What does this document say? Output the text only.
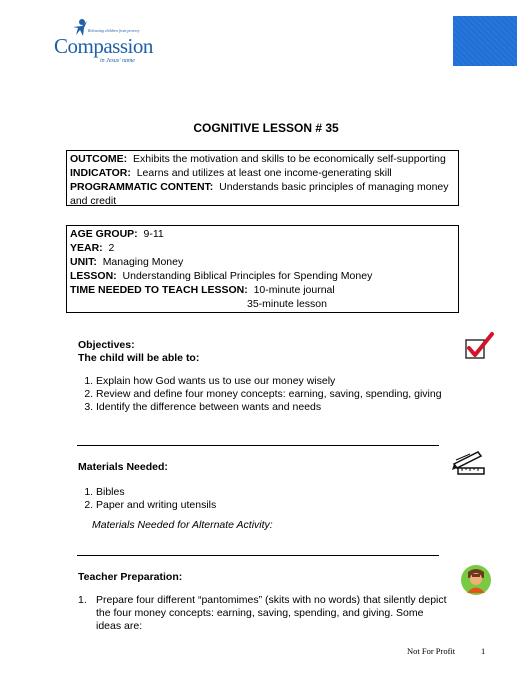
Releasing children from poverty
Compassion
in Jesus' name
COGNITIVE LESSON # 35
OUTCOME: Exhibits the motivation and skills to be economically self-supporting
INDICATOR: Learns and utilizes at least one income-generating skill
PROGRAMMATIC CONTENT: Understands basic principles of managing money
and credit
AGE GROUP: 9-11
YEAR: 2
UNIT: Managing Money
LESSON: Understanding Biblical Principles for Spending Money
TIME NEEDED TO TEACH LESSON: 10-minute journal
35-minute lesson
Objectives:
The child will be able to:
1. Explain how God wants us to use our money wisely
2. Review and define four money concepts: earning, saving, spending, giving
3. Identify the difference between wants and needs
Materials Needed:
1. Bibles
2. Paper and writing utensils
Materials Needed for Alternate Activity:
Teacher Preparation:
1. Prepare four different “pantomimes” (skits with no words) that silently depict
the four money concepts: earning, saving, spending, and giving. Some
ideas are:
Not For Profit	1
